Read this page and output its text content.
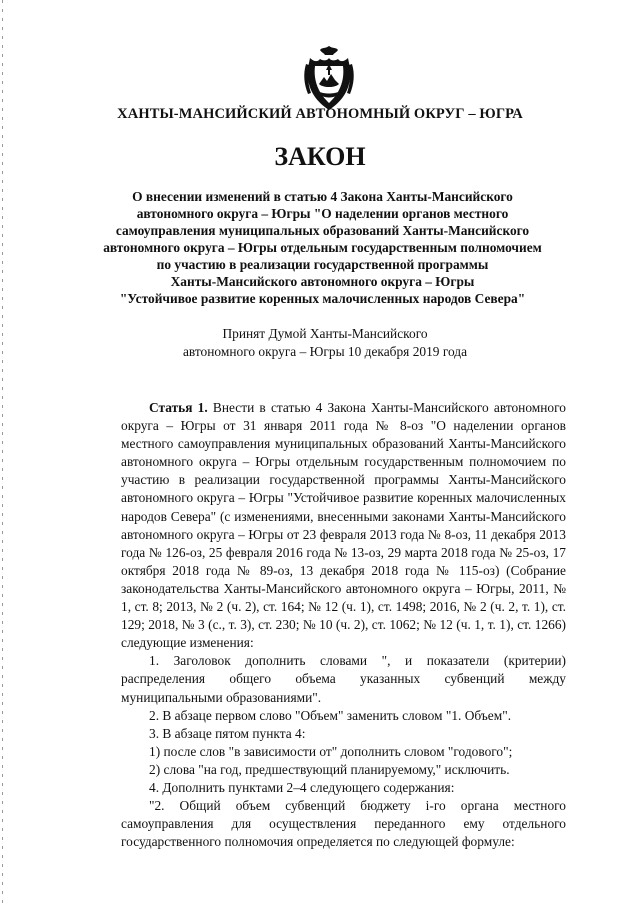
ХАНТЫ-МАНСИЙСКИЙ АВТОНОМНЫЙ ОКРУГ – ЮГРА
ЗАКОН
О внесении изменений в статью 4 Закона Ханты-Мансийского
автономного округа – Югры "О наделении органов местного
самоуправления муниципальных образований Ханты-Мансийского
автономного округа – Югры отдельным государственным полномочием
по участию в реализации государственной программы
Ханты-Мансийского автономного округа – Югры
"Устойчивое развитие коренных малочисленных народов Севера"
Принят Думой Ханты-Мансийского
автономного округа – Югры 10 декабря 2019 года

Статья 1. Внести в статью 4 Закона Ханты-Мансийского автономного округа – Югры от 31 января 2011 года № 8-оз "О наделении органов местного самоуправления муниципальных образований Ханты-Мансийского автономного округа – Югры отдельным государственным полномочием по участию в реализации государственной программы Ханты-Мансийского автономного округа – Югры "Устойчивое развитие коренных малочисленных народов Севера" (с изменениями, внесенными законами Ханты-Мансийского автономного округа – Югры от 23 февраля 2013 года № 8-оз, 11 декабря 2013 года № 126-оз, 25 февраля 2016 года № 13-оз, 29 марта 2018 года № 25-оз, 17 октября 2018 года № 89-оз, 13 декабря 2018 года № 115-оз) (Собрание законодательства Ханты-Мансийского автономного округа – Югры, 2011, № 1, ст. 8; 2013, № 2 (ч. 2), ст. 164; № 12 (ч. 1), ст. 1498; 2016, № 2 (ч. 2, т. 1), ст. 129; 2018, № 3 (с., т. 3), ст. 230; № 10 (ч. 2), ст. 1062; № 12 (ч. 1, т. 1), ст. 1266) следующие изменения:

1. Заголовок дополнить словами ", и показатели (критерии) распределения общего объема указанных субвенций между муниципальными образованиями".

2. В абзаце первом слово "Объем" заменить словом "1. Объем".

3. В абзаце пятом пункта 4:

1) после слов "в зависимости от" дополнить словом "годового";

2) слова "на год, предшествующий планируемому," исключить.

4. Дополнить пунктами 2–4 следующего содержания:

"2. Общий объем субвенций бюджету i-го органа местного самоуправления для осуществления переданного ему отдельного государственного полномочия определяется по следующей формуле:
